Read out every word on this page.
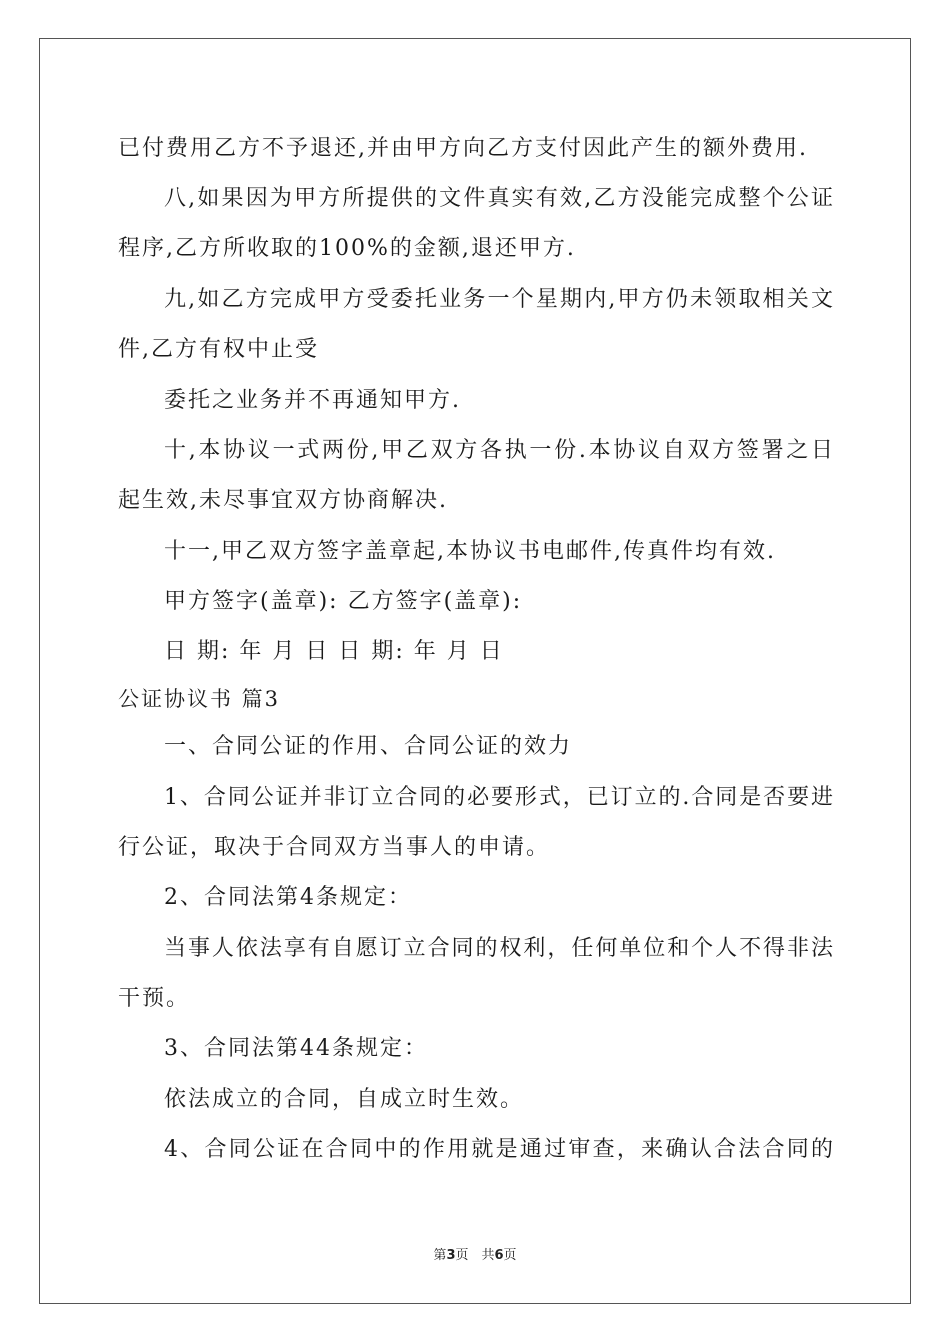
已付费用乙方不予退还,并由甲方向乙方支付因此产生的额外费用.
八,如果因为甲方所提供的文件真实有效,乙方没能完成整个公证
程序,乙方所收取的100%的金额,退还甲方.
九,如乙方完成甲方受委托业务一个星期内,甲方仍未领取相关文
件,乙方有权中止受
委托之业务并不再通知甲方.
十,本协议一式两份,甲乙双方各执一份.本协议自双方签署之日
起生效,未尽事宜双方协商解决.
十一,甲乙双方签字盖章起,本协议书电邮件,传真件均有效.
甲方签字(盖章): 乙方签字(盖章):
日 期: 年 月 日 日 期: 年 月 日
公证协议书 篇3
一、合同公证的作用、合同公证的效力
1、合同公证并非订立合同的必要形式，已订立的.合同是否要进
行公证，取决于合同双方当事人的申请。
2、合同法第4条规定：
当事人依法享有自愿订立合同的权利，任何单位和个人不得非法
干预。
3、合同法第44条规定：
依法成立的合同，自成立时生效。
4、合同公证在合同中的作用就是通过审查，来确认合法合同的
第3页　共6页
